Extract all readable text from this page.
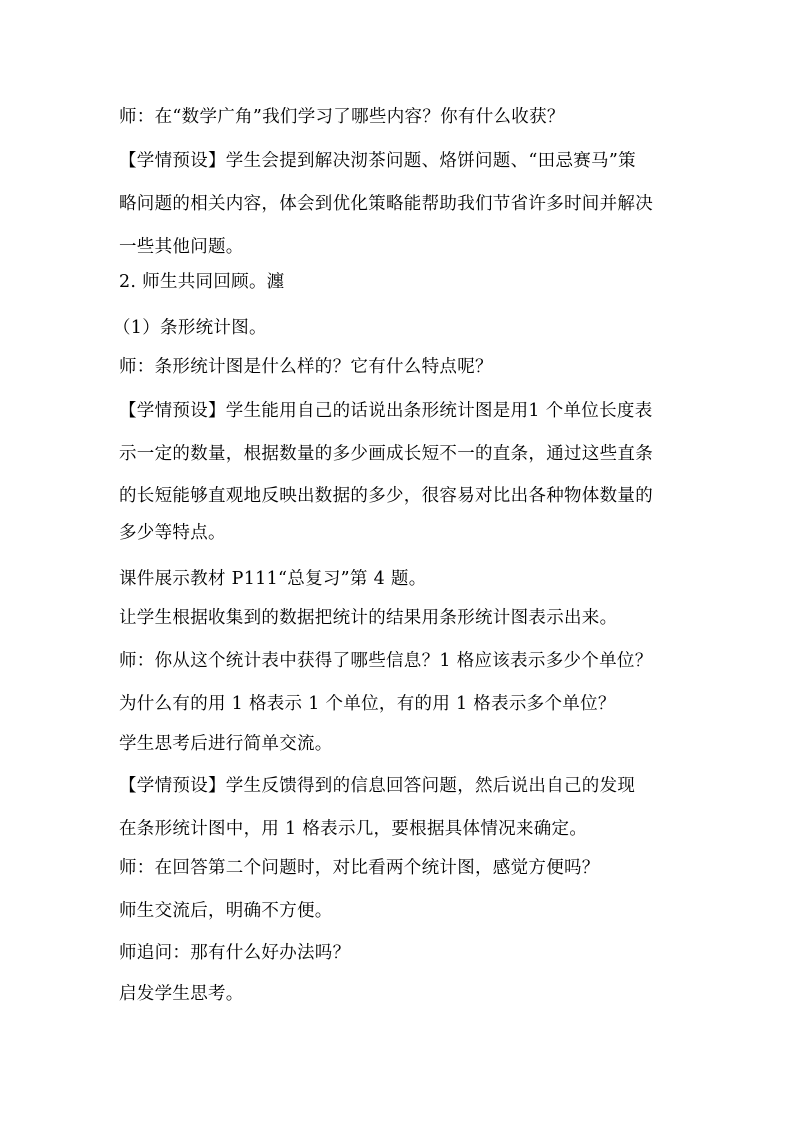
师：在“数学广角”我们学习了哪些内容？你有什么收获？
【学情预设】学生会提到解决沏茶问题、烙饼问题、“田忌赛马”策
略问题的相关内容，体会到优化策略能帮助我们节省许多时间并解决
一些其他问题。
2. 师生共同回顾。瀍
（1）条形统计图。
师：条形统计图是什么样的？它有什么特点呢？
【学情预设】学生能用自己的话说出条形统计图是用1 个单位长度表
示一定的数量，根据数量的多少画成长短不一的直条，通过这些直条
的长短能够直观地反映出数据的多少，很容易对比出各种物体数量的
多少等特点。
课件展示教材 P111“总复习”第 4 题。
让学生根据收集到的数据把统计的结果用条形统计图表示出来。
师：你从这个统计表中获得了哪些信息？1 格应该表示多少个单位？
为什么有的用 1 格表示 1 个单位，有的用 1 格表示多个单位？
学生思考后进行简单交流。
【学情预设】学生反馈得到的信息回答问题，然后说出自己的发现
在条形统计图中，用 1 格表示几，要根据具体情况来确定。
师：在回答第二个问题时，对比看两个统计图，感觉方便吗？
师生交流后，明确不方便。
师追问：那有什么好办法吗？
启发学生思考。
